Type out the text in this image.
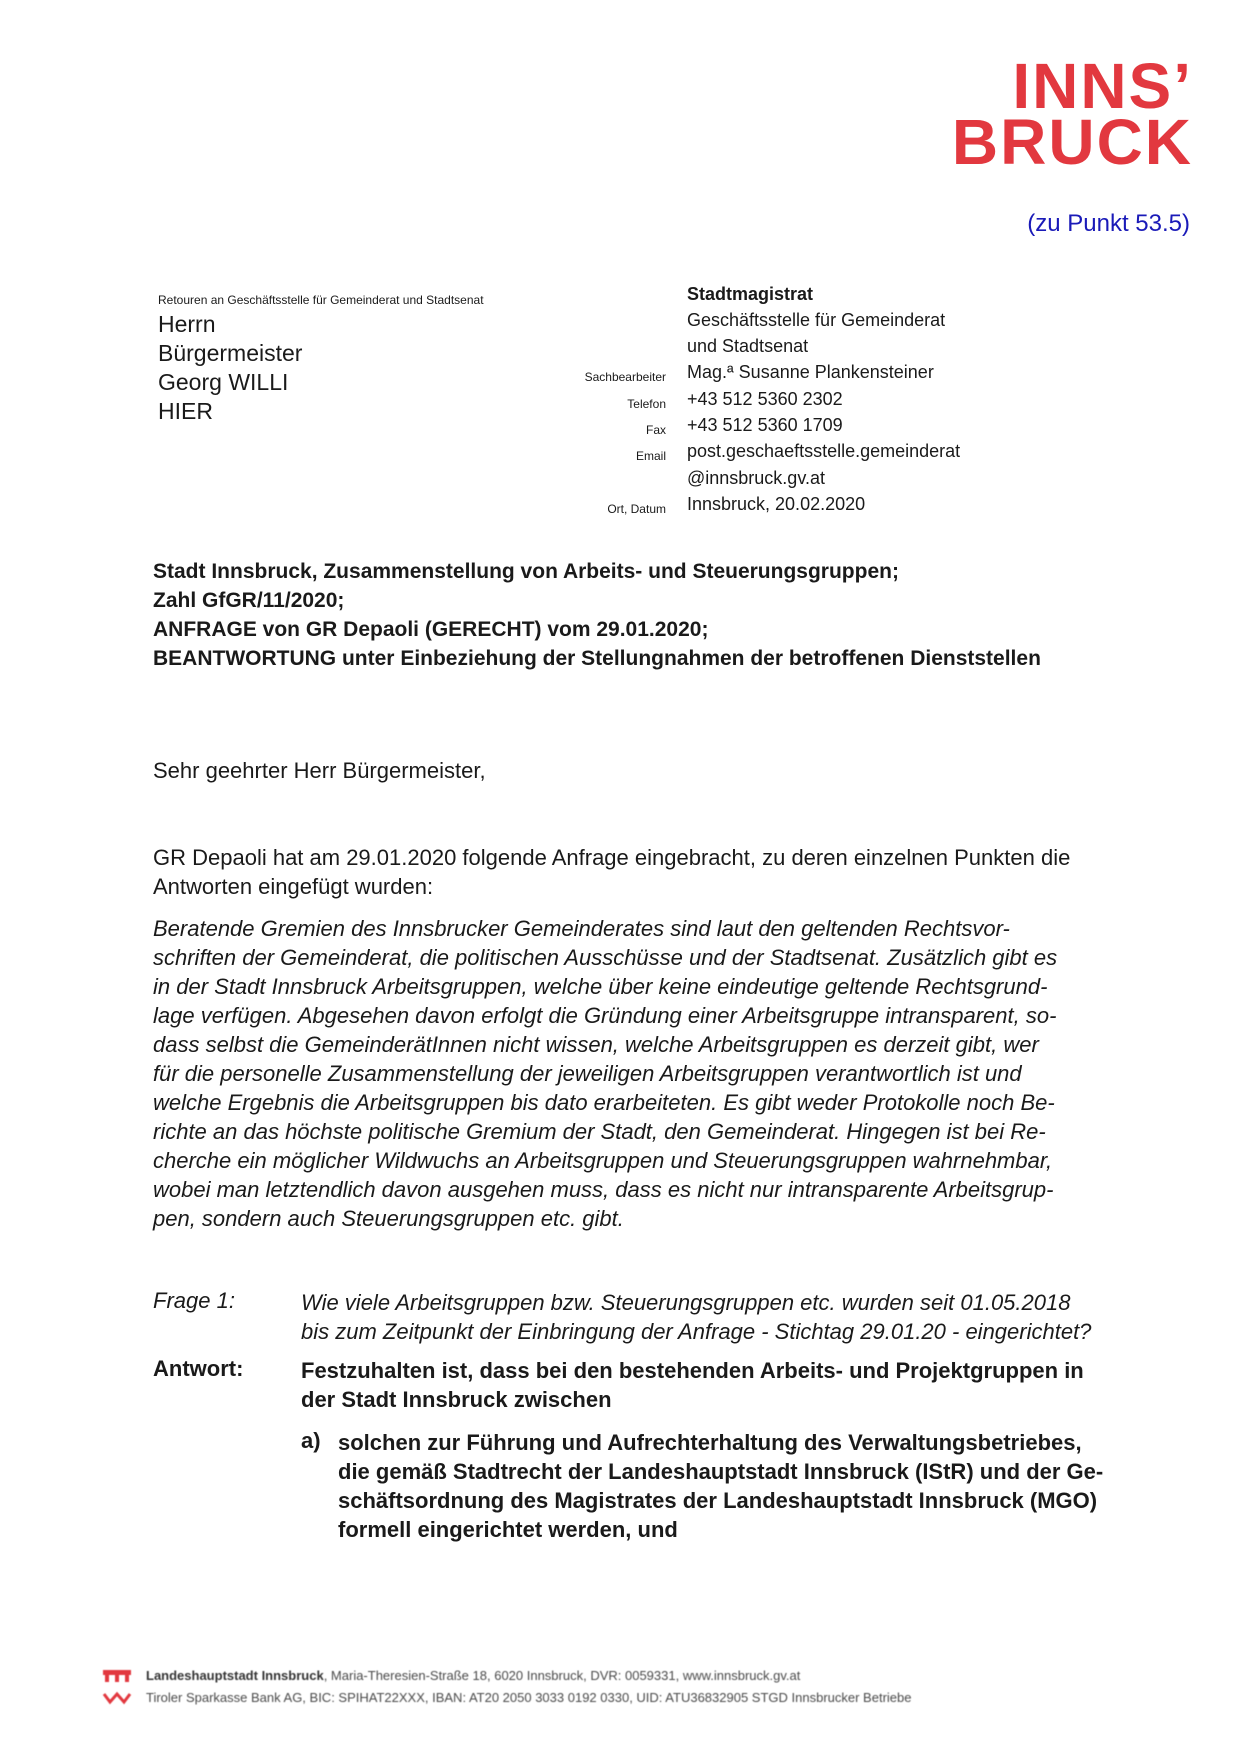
INNS’
BRUCK
(zu Punkt 53.5)
Retouren an Geschäftsstelle für Gemeinderat und Stadtsenat
Herrn
Bürgermeister
Georg WILLI
HIER
Stadtmagistrat
Geschäftsstelle für Gemeinderat
und Stadtsenat
Sachbearbeiter Mag.ª Susanne Plankensteiner
Telefon +43 512 5360 2302
Fax +43 512 5360 1709
Email post.geschaeftsstelle.gemeinderat
@innsbruck.gv.at
Ort, Datum Innsbruck, 20.02.2020
Stadt Innsbruck, Zusammenstellung von Arbeits- und Steuerungsgruppen;
Zahl GfGR/11/2020;
ANFRAGE von GR Depaoli (GERECHT) vom 29.01.2020;
BEANTWORTUNG unter Einbeziehung der Stellungnahmen der betroffenen Dienststellen
Sehr geehrter Herr Bürgermeister,
GR Depaoli hat am 29.01.2020 folgende Anfrage eingebracht, zu deren einzelnen Punkten die Antworten eingefügt wurden:
Beratende Gremien des Innsbrucker Gemeinderates sind laut den geltenden Rechtsvor-
schriften der Gemeinderat, die politischen Ausschüsse und der Stadtsenat. Zusätzlich gibt es
in der Stadt Innsbruck Arbeitsgruppen, welche über keine eindeutige geltende Rechtsgrund-
lage verfügen. Abgesehen davon erfolgt die Gründung einer Arbeitsgruppe intransparent, so-
dass selbst die GemeinderätInnen nicht wissen, welche Arbeitsgruppen es derzeit gibt, wer
für die personelle Zusammenstellung der jeweiligen Arbeitsgruppen verantwortlich ist und
welche Ergebnis die Arbeitsgruppen bis dato erarbeiteten. Es gibt weder Protokolle noch Be-
richte an das höchste politische Gremium der Stadt, den Gemeinderat. Hingegen ist bei Re-
cherche ein möglicher Wildwuchs an Arbeitsgruppen und Steuerungsgruppen wahrnehmbar,
wobei man letztendlich davon ausgehen muss, dass es nicht nur intransparente Arbeitsgrup-
pen, sondern auch Steuerungsgruppen etc. gibt.
Frage 1:	Wie viele Arbeitsgruppen bzw. Steuerungsgruppen etc. wurden seit 01.05.2018
bis zum Zeitpunkt der Einbringung der Anfrage - Stichtag 29.01.20 - eingerichtet?
Antwort:	Festzuhalten ist, dass bei den bestehenden Arbeits- und Projektgruppen in
der Stadt Innsbruck zwischen
a) solchen zur Führung und Aufrechterhaltung des Verwaltungsbetriebes,
die gemäß Stadtrecht der Landeshauptstadt Innsbruck (IStR) und der Ge-
schäftsordnung des Magistrates der Landeshauptstadt Innsbruck (MGO)
formell eingerichtet werden, und
Landeshauptstadt Innsbruck, Maria-Theresien-Straße 18, 6020 Innsbruck, DVR: 0059331, www.innsbruck.gv.at
Tiroler Sparkasse Bank AG, BIC: SPIHAT22XXX, IBAN: AT20 2050 3033 0192 0330, UID: ATU36832905 STGD Innsbrucker Betriebe
